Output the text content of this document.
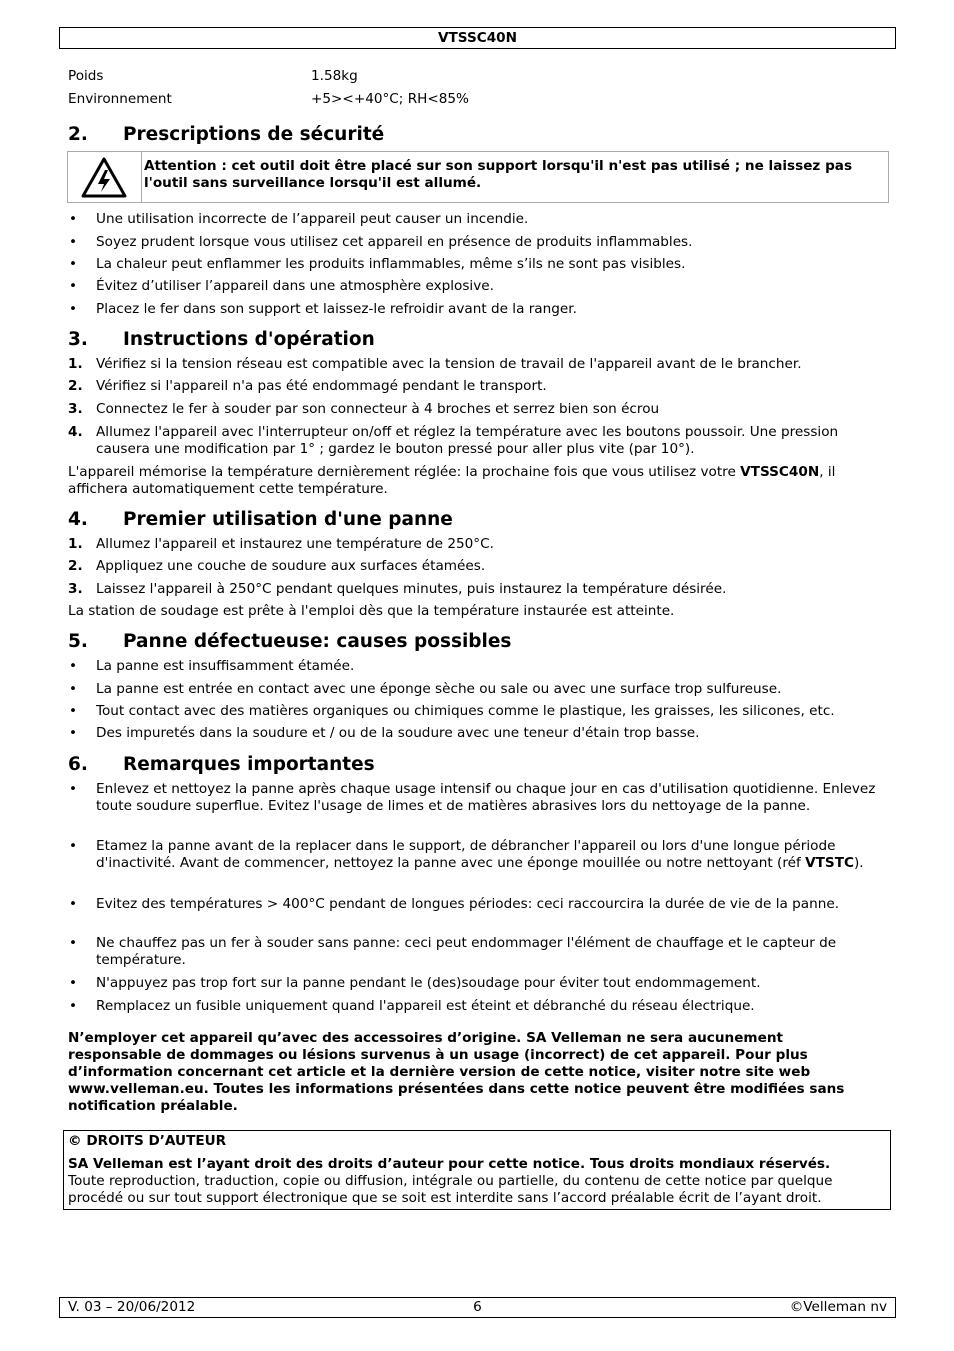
VTSSC40N
Poids	1.58kg
Environnement	+5><+40°C; RH<85%
2. Prescriptions de sécurité
Attention : cet outil doit être placé sur son support lorsqu'il n'est pas utilisé ; ne laissez pas l'outil sans surveillance lorsqu'il est allumé.
• Une utilisation incorrecte de l’appareil peut causer un incendie.
• Soyez prudent lorsque vous utilisez cet appareil en présence de produits inflammables.
• La chaleur peut enflammer les produits inflammables, même s’ils ne sont pas visibles.
• Évitez d’utiliser l’appareil dans une atmosphère explosive.
• Placez le fer dans son support et laissez-le refroidir avant de la ranger.
3. Instructions d'opération
1. Vérifiez si la tension réseau est compatible avec la tension de travail de l'appareil avant de le brancher.
2. Vérifiez si l'appareil n'a pas été endommagé pendant le transport.
3. Connectez le fer à souder par son connecteur à 4 broches et serrez bien son écrou
4. Allumez l'appareil avec l'interrupteur on/off et réglez la température avec les boutons poussoir. Une pression causera une modification par 1° ; gardez le bouton pressé pour aller plus vite (par 10°).
L'appareil mémorise la température dernièrement réglée: la prochaine fois que vous utilisez votre VTSSC40N, il affichera automatiquement cette température.
4. Premier utilisation d'une panne
1. Allumez l'appareil et instaurez une température de 250°C.
2. Appliquez une couche de soudure aux surfaces étamées.
3. Laissez l'appareil à 250°C pendant quelques minutes, puis instaurez la température désirée.
La station de soudage est prête à l'emploi dès que la température instaurée est atteinte.
5. Panne défectueuse: causes possibles
• La panne est insuffisamment étamée.
• La panne est entrée en contact avec une éponge sèche ou sale ou avec une surface trop sulfureuse.
• Tout contact avec des matières organiques ou chimiques comme le plastique, les graisses, les silicones, etc.
• Des impuretés dans la soudure et / ou de la soudure avec une teneur d'étain trop basse.
6. Remarques importantes
• Enlevez et nettoyez la panne après chaque usage intensif ou chaque jour en cas d'utilisation quotidienne. Enlevez toute soudure superflue. Evitez l'usage de limes et de matières abrasives lors du nettoyage de la panne.
• Etamez la panne avant de la replacer dans le support, de débrancher l'appareil ou lors d'une longue période d'inactivité. Avant de commencer, nettoyez la panne avec une éponge mouillée ou notre nettoyant (réf VTSTC).
• Evitez des températures > 400°C pendant de longues périodes: ceci raccourcira la durée de vie de la panne.
• Ne chauffez pas un fer à souder sans panne: ceci peut endommager l'élément de chauffage et le capteur de température.
• N'appuyez pas trop fort sur la panne pendant le (des)soudage pour éviter tout endommagement.
• Remplacez un fusible uniquement quand l'appareil est éteint et débranché du réseau électrique.
N’employer cet appareil qu’avec des accessoires d’origine. SA Velleman ne sera aucunement responsable de dommages ou lésions survenus à un usage (incorrect) de cet appareil. Pour plus d’information concernant cet article et la dernière version de cette notice, visiter notre site web www.velleman.eu. Toutes les informations présentées dans cette notice peuvent être modifiées sans notification préalable.
© DROITS D’AUTEUR
SA Velleman est l’ayant droit des droits d’auteur pour cette notice. Tous droits mondiaux réservés.
Toute reproduction, traduction, copie ou diffusion, intégrale ou partielle, du contenu de cette notice par quelque procédé ou sur tout support électronique que se soit est interdite sans l’accord préalable écrit de l’ayant droit.
V. 03 – 20/06/2012	6	©Velleman nv
